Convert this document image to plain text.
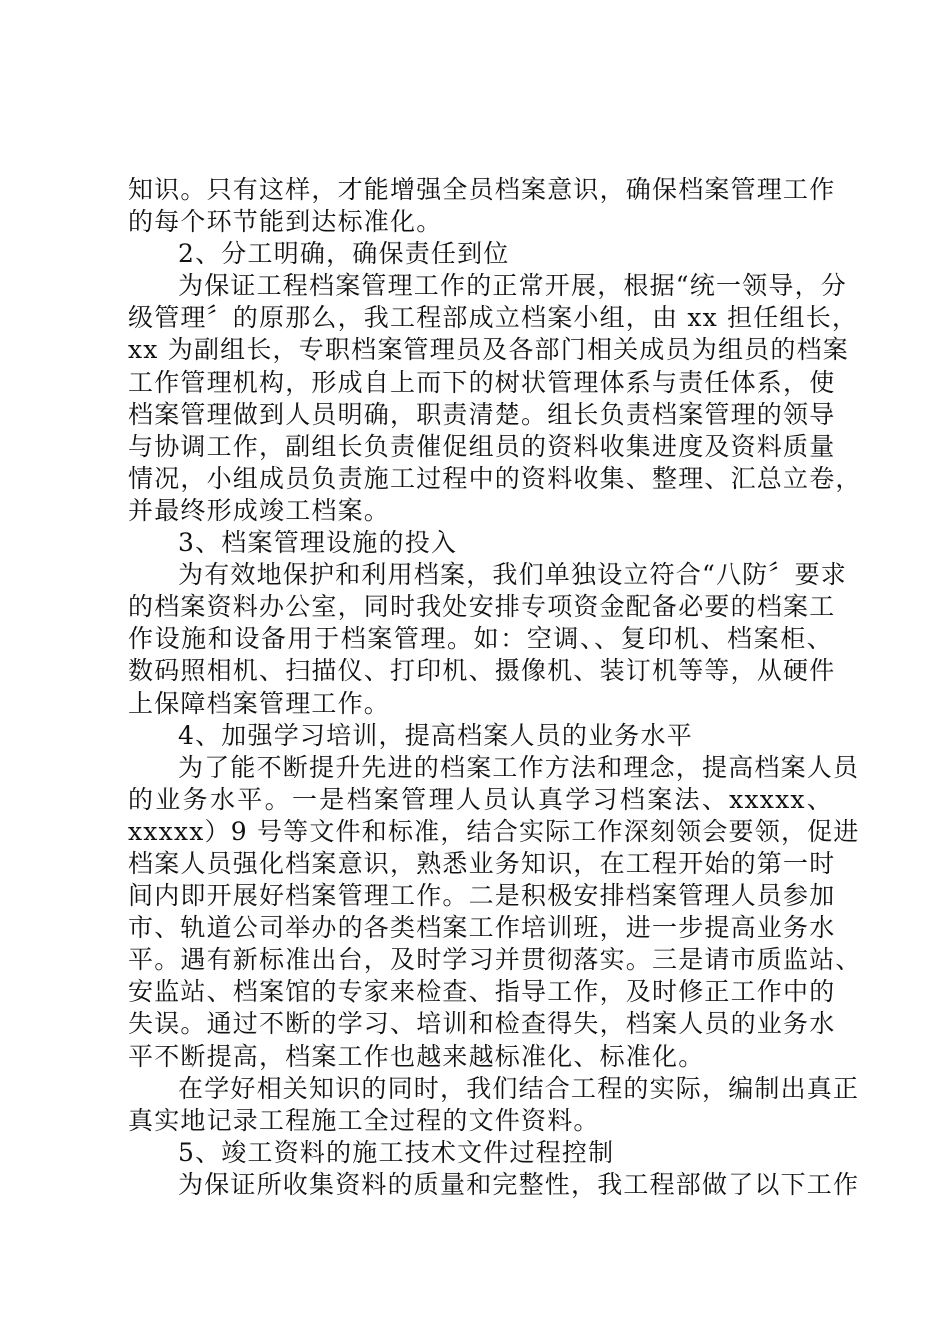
知识。只有这样，才能增强全员档案意识，确保档案管理工作
的每个环节能到达标准化。
2、分工明确，确保责任到位
为保证工程档案管理工作的正常开展，根据“统一领导，分
级管理〞的原那么，我工程部成立档案小组，由 xx 担任组长，
xx 为副组长，专职档案管理员及各部门相关成员为组员的档案
工作管理机构，形成自上而下的树状管理体系与责任体系，使
档案管理做到人员明确，职责清楚。组长负责档案管理的领导
与协调工作，副组长负责催促组员的资料收集进度及资料质量
情况，小组成员负责施工过程中的资料收集、整理、汇总立卷，
并最终形成竣工档案。
3、档案管理设施的投入
为有效地保护和利用档案，我们单独设立符合“八防〞要求
的档案资料办公室，同时我处安排专项资金配备必要的档案工
作设施和设备用于档案管理。如：空调、、复印机、档案柜、
数码照相机、扫描仪、打印机、摄像机、装订机等等，从硬件
上保障档案管理工作。
4、加强学习培训，提高档案人员的业务水平
为了能不断提升先进的档案工作方法和理念，提高档案人员
的业务水平。一是档案管理人员认真学习档案法、xxxxx、
xxxxx）9 号等文件和标准，结合实际工作深刻领会要领，促进
档案人员强化档案意识，熟悉业务知识，在工程开始的第一时
间内即开展好档案管理工作。二是积极安排档案管理人员参加
市、轨道公司举办的各类档案工作培训班，进一步提高业务水
平。遇有新标准出台，及时学习并贯彻落实。三是请市质监站、
安监站、档案馆的专家来检查、指导工作，及时修正工作中的
失误。通过不断的学习、培训和检查得失，档案人员的业务水
平不断提高，档案工作也越来越标准化、标准化。
在学好相关知识的同时，我们结合工程的实际，编制出真正
真实地记录工程施工全过程的文件资料。
5、竣工资料的施工技术文件过程控制
为保证所收集资料的质量和完整性，我工程部做了以下工作
